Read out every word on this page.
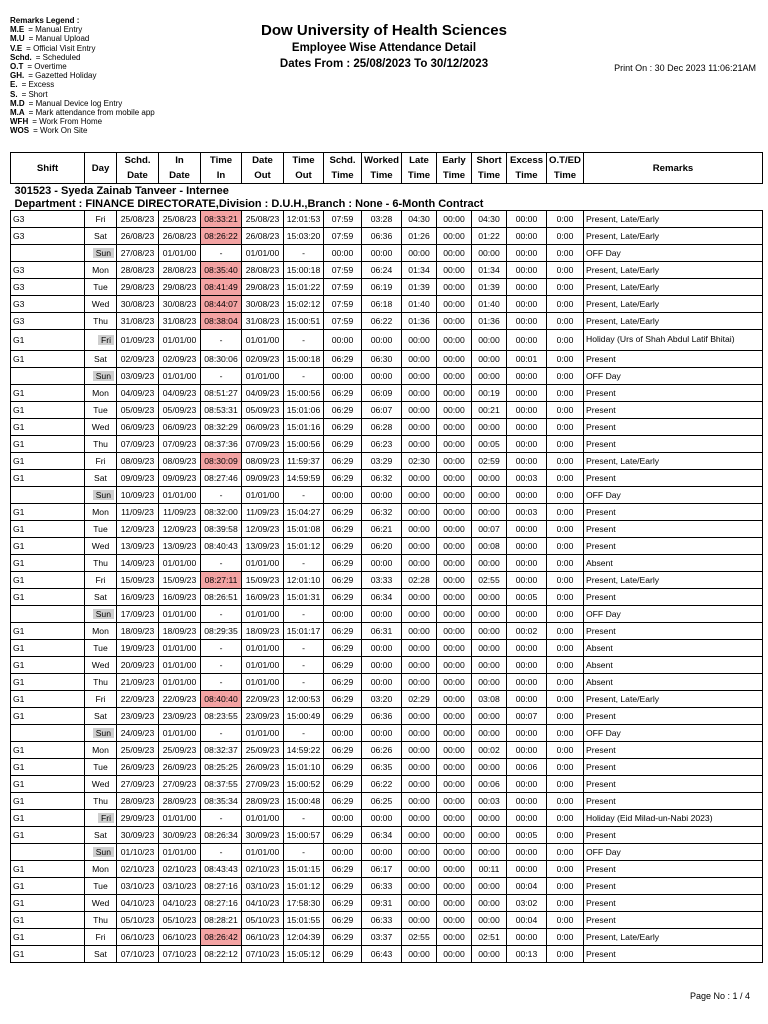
Remarks Legend :
M.E = Manual Entry
M.U = Manual Upload
V.E = Official Visit Entry
Schd. = Scheduled
O.T = Overtime
GH. = Gazetted Holiday
E. = Excess
S. = Short
M.D = Manual Device log Entry
M.A = Mark attendance from mobile app
WFH = Work From Home
WOS = Work On Site
Dow University of Health Sciences
Employee Wise Attendance Detail
Dates From : 25/08/2023 To 30/12/2023	Print On : 30 Dec 2023 11:06:21AM
Shift	Day	Schd.	In	Time	Date	Time	Schd.	Worked	Late	Early	Short	Excess	O.T/ED	Remarks
		Date	Date	In	Out	Out	Time	Time	Time	Time	Time	Time	Time	
301523 - Syeda Zainab Tanveer - Internee														
Department : FINANCE DIRECTORATE,Division : D.U.H.,Branch : None - 6-Month Contract														
G3	Fri	25/08/23	25/08/23	08:33:21	25/08/23	12:01:53	07:59	03:28	04:30	00:00	04:30	00:00	0:00	Present, Late/Early
G3	Sat	26/08/23	26/08/23	08:26:22	26/08/23	15:03:20	07:59	06:36	01:26	00:00	01:22	00:00	0:00	Present, Late/Early
	Sun	27/08/23	01/01/00	-	01/01/00	-	00:00	00:00	00:00	00:00	00:00	00:00	0:00	OFF Day
G3	Mon	28/08/23	28/08/23	08:35:40	28/08/23	15:00:18	07:59	06:24	01:34	00:00	01:34	00:00	0:00	Present, Late/Early
G3	Tue	29/08/23	29/08/23	08:41:49	29/08/23	15:01:22	07:59	06:19	01:39	00:00	01:39	00:00	0:00	Present, Late/Early
G3	Wed	30/08/23	30/08/23	08:44:07	30/08/23	15:02:12	07:59	06:18	01:40	00:00	01:40	00:00	0:00	Present, Late/Early
G3	Thu	31/08/23	31/08/23	08:38:04	31/08/23	15:00:51	07:59	06:22	01:36	00:00	01:36	00:00	0:00	Present, Late/Early
G1	Fri	01/09/23	01/01/00	-	01/01/00	-	00:00	00:00	00:00	00:00	00:00	00:00	0:00	Holiday (Urs of Shah Abdul Latif Bhitai)
G1	Sat	02/09/23	02/09/23	08:30:06	02/09/23	15:00:18	06:29	06:30	00:00	00:00	00:00	00:01	0:00	Present
	Sun	03/09/23	01/01/00	-	01/01/00	-	00:00	00:00	00:00	00:00	00:00	00:00	0:00	OFF Day
G1	Mon	04/09/23	04/09/23	08:51:27	04/09/23	15:00:56	06:29	06:09	00:00	00:00	00:19	00:00	0:00	Present
G1	Tue	05/09/23	05/09/23	08:53:31	05/09/23	15:01:06	06:29	06:07	00:00	00:00	00:21	00:00	0:00	Present
G1	Wed	06/09/23	06/09/23	08:32:29	06/09/23	15:01:16	06:29	06:28	00:00	00:00	00:00	00:00	0:00	Present
G1	Thu	07/09/23	07/09/23	08:37:36	07/09/23	15:00:56	06:29	06:23	00:00	00:00	00:05	00:00	0:00	Present
G1	Fri	08/09/23	08/09/23	08:30:09	08/09/23	11:59:37	06:29	03:29	02:30	00:00	02:59	00:00	0:00	Present, Late/Early
G1	Sat	09/09/23	09/09/23	08:27:46	09/09/23	14:59:59	06:29	06:32	00:00	00:00	00:00	00:03	0:00	Present
	Sun	10/09/23	01/01/00	-	01/01/00	-	00:00	00:00	00:00	00:00	00:00	00:00	0:00	OFF Day
G1	Mon	11/09/23	11/09/23	08:32:00	11/09/23	15:04:27	06:29	06:32	00:00	00:00	00:00	00:03	0:00	Present
G1	Tue	12/09/23	12/09/23	08:39:58	12/09/23	15:01:08	06:29	06:21	00:00	00:00	00:07	00:00	0:00	Present
G1	Wed	13/09/23	13/09/23	08:40:43	13/09/23	15:01:12	06:29	06:20	00:00	00:00	00:08	00:00	0:00	Present
G1	Thu	14/09/23	01/01/00	-	01/01/00	-	06:29	00:00	00:00	00:00	00:00	00:00	0:00	Absent
G1	Fri	15/09/23	15/09/23	08:27:11	15/09/23	12:01:10	06:29	03:33	02:28	00:00	02:55	00:00	0:00	Present, Late/Early
G1	Sat	16/09/23	16/09/23	08:26:51	16/09/23	15:01:31	06:29	06:34	00:00	00:00	00:00	00:05	0:00	Present
	Sun	17/09/23	01/01/00	-	01/01/00	-	00:00	00:00	00:00	00:00	00:00	00:00	0:00	OFF Day
G1	Mon	18/09/23	18/09/23	08:29:35	18/09/23	15:01:17	06:29	06:31	00:00	00:00	00:00	00:02	0:00	Present
G1	Tue	19/09/23	01/01/00	-	01/01/00	-	06:29	00:00	00:00	00:00	00:00	00:00	0:00	Absent
G1	Wed	20/09/23	01/01/00	-	01/01/00	-	06:29	00:00	00:00	00:00	00:00	00:00	0:00	Absent
G1	Thu	21/09/23	01/01/00	-	01/01/00	-	06:29	00:00	00:00	00:00	00:00	00:00	0:00	Absent
G1	Fri	22/09/23	22/09/23	08:40:40	22/09/23	12:00:53	06:29	03:20	02:29	00:00	03:08	00:00	0:00	Present, Late/Early
G1	Sat	23/09/23	23/09/23	08:23:55	23/09/23	15:00:49	06:29	06:36	00:00	00:00	00:00	00:07	0:00	Present
	Sun	24/09/23	01/01/00	-	01/01/00	-	00:00	00:00	00:00	00:00	00:00	00:00	0:00	OFF Day
G1	Mon	25/09/23	25/09/23	08:32:37	25/09/23	14:59:22	06:29	06:26	00:00	00:00	00:02	00:00	0:00	Present
G1	Tue	26/09/23	26/09/23	08:25:25	26/09/23	15:01:10	06:29	06:35	00:00	00:00	00:00	00:06	0:00	Present
G1	Wed	27/09/23	27/09/23	08:37:55	27/09/23	15:00:52	06:29	06:22	00:00	00:00	00:06	00:00	0:00	Present
G1	Thu	28/09/23	28/09/23	08:35:34	28/09/23	15:00:48	06:29	06:25	00:00	00:00	00:03	00:00	0:00	Present
G1	Fri	29/09/23	01/01/00	-	01/01/00	-	00:00	00:00	00:00	00:00	00:00	00:00	0:00	Holiday (Eid Milad-un-Nabi 2023)
G1	Sat	30/09/23	30/09/23	08:26:34	30/09/23	15:00:57	06:29	06:34	00:00	00:00	00:00	00:05	0:00	Present
	Sun	01/10/23	01/01/00	-	01/01/00	-	00:00	00:00	00:00	00:00	00:00	00:00	0:00	OFF Day
G1	Mon	02/10/23	02/10/23	08:43:43	02/10/23	15:01:15	06:29	06:17	00:00	00:00	00:11	00:00	0:00	Present
G1	Tue	03/10/23	03/10/23	08:27:16	03/10/23	15:01:12	06:29	06:33	00:00	00:00	00:00	00:04	0:00	Present
G1	Wed	04/10/23	04/10/23	08:27:16	04/10/23	17:58:30	06:29	09:31	00:00	00:00	00:00	03:02	0:00	Present
G1	Thu	05/10/23	05/10/23	08:28:21	05/10/23	15:01:55	06:29	06:33	00:00	00:00	00:00	00:04	0:00	Present
G1	Fri	06/10/23	06/10/23	08:26:42	06/10/23	12:04:39	06:29	03:37	02:55	00:00	02:51	00:00	0:00	Present, Late/Early
G1	Sat	07/10/23	07/10/23	08:22:12	07/10/23	15:05:12	06:29	06:43	00:00	00:00	00:00	00:13	0:00	Present
Page No : 1 / 4
